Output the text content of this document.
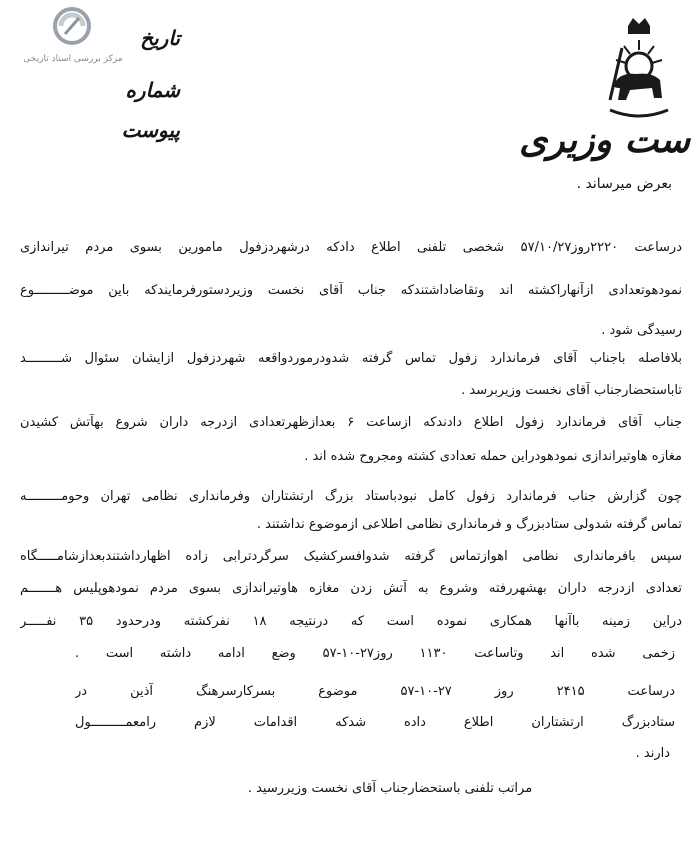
مرکز بررسی اسناد تاریخی
ست وزیری
تاریخ
شماره
پیوست
بعرض میرساند .
درساعت ۲۲۲۰روز۵۷/۱۰/۲۷ شخصی تلفنی اطلاع دادکه درشهردزفول مامورین بسوی مردم تیراندازی
نمودهوتعدادی ازآنهاراکشته اند وتقاضاداشتندکه جناب آقای نخست وزیردستورفرمایندکه باین موضـــــــــوع
رسیدگی شود .
بلافاصله باجناب آقای فرماندارد زفول تماس گرفته شدودرموردواقعه شهردزفول ازایشان سئوال شـــــــــد
تاباستحضارجناب آقای نخست وزیربرسد .
جناب آقای فرماندارد زفول اطلاع دادندکه ازساعت ۶ بعدازظهرتعدادی ازدرجه داران شروع بهآتش کشیدن
مغازه هاوتیراندازی نمودهودراین حمله تعدادی کشته ومجروح شده اند .
چون گزارش جناب فرماندارد زفول کامل نبودباستاد بزرگ ارتشتاران وفرمانداری نظامی تهران وحومـــــــــه
تماس گرفته شدولی ستادبزرگ و فرمانداری نظامی اطلاعی ازموضوع نداشتند .
سپس بافرمانداری نظامی اهوازتماس گرفته شدوافسرکشیک سرگردترابی زاده اظهارداشتندبعدازشامـــــگاه
تعدادی ازدرجه داران بهشهررفته وشروع به آتش زدن مغازه هاوتیراندازی بسوی مردم نمودهوپلیس هـــــــم
دراین زمینه باآنها همکاری نموده است که درنتیجه ۱۸ نفرکشته ودرحدود ۳۵ نفـــــر
زخمی شده اند وتاساعت ۱۱۳۰ روز۲۷-۱۰-۵۷ وضع ادامه داشته است .
درساعت ۲۴۱۵ روز ۲۷-۱۰-۵۷ موضوع بسرکارسرهنگ آذین در
ستادبزرگ ارتشتاران اطلاع داده شدکه اقدامات لازم رامعمـــــــــول
دارند .
مراتب تلفنی باستحضارجناب آقای نخست وزیررسید .
